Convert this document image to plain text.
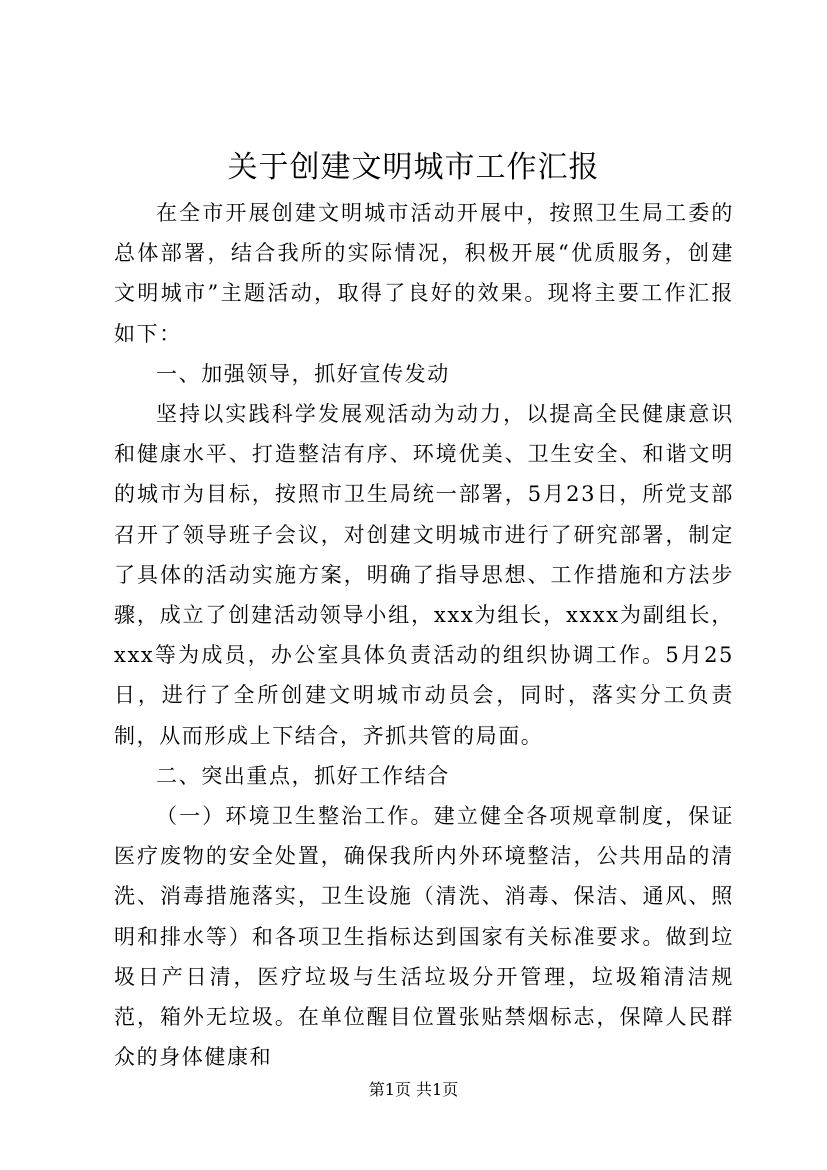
关于创建文明城市工作汇报

在全市开展创建文明城市活动开展中，按照卫生局工委的总体部署，结合我所的实际情况，积极开展“优质服务，创建文明城市”主题活动，取得了良好的效果。现将主要工作汇报如下：

一、加强领导，抓好宣传发动

坚持以实践科学发展观活动为动力，以提高全民健康意识和健康水平、打造整洁有序、环境优美、卫生安全、和谐文明的城市为目标，按照市卫生局统一部署，5月23日，所党支部召开了领导班子会议，对创建文明城市进行了研究部署，制定了具体的活动实施方案，明确了指导思想、工作措施和方法步骤，成立了创建活动领导小组，xxx为组长，xxxx为副组长，xxx等为成员，办公室具体负责活动的组织协调工作。5月25日，进行了全所创建文明城市动员会，同时，落实分工负责制，从而形成上下结合，齐抓共管的局面。

二、突出重点，抓好工作结合

（一）环境卫生整治工作。建立健全各项规章制度，保证医疗废物的安全处置，确保我所内外环境整洁，公共用品的清洗、消毒措施落实，卫生设施（清洗、消毒、保洁、通风、照明和排水等）和各项卫生指标达到国家有关标准要求。做到垃圾日产日清，医疗垃圾与生活垃圾分开管理，垃圾箱清洁规范，箱外无垃圾。在单位醒目位置张贴禁烟标志，保障人民群众的身体健康和

第1页 共1页
